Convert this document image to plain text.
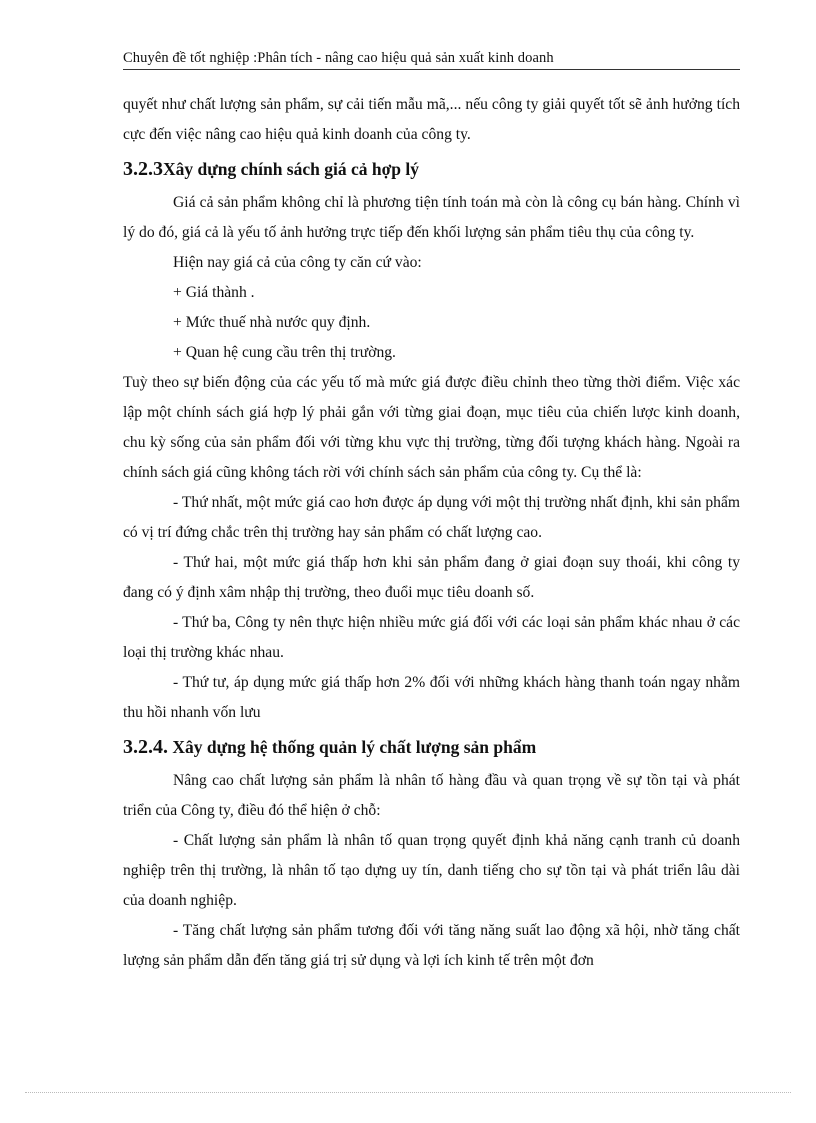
Chuyên đề tốt nghiệp :Phân tích - nâng cao hiệu quả sản xuất kinh doanh

quyết như chất lượng sản phẩm, sự cải tiến mẫu mã,... nếu công ty giải quyết tốt sẽ ảnh hưởng tích cực đến việc nâng cao hiệu quả kinh doanh của công ty.

3.2.3Xây dựng chính sách giá cả hợp lý

Giá cả sản phẩm không chỉ là phương tiện tính toán mà còn là công cụ bán hàng. Chính vì lý do đó, giá cả là yếu tố ảnh hưởng trực tiếp đến khối lượng sản phẩm tiêu thụ của công ty.

Hiện nay giá cả của công ty căn cứ vào:

+ Giá thành .

+ Mức thuế nhà nước quy định.

+ Quan hệ cung cầu trên thị trường.

Tuỳ theo sự biến động của các yếu tố mà mức giá được điều chỉnh theo từng thời điểm. Việc xác lập một chính sách giá hợp lý phải gắn với từng giai đoạn, mục tiêu của chiến lược kinh doanh, chu kỳ sống của sản phẩm đối với từng khu vực thị trường, từng đối tượng khách hàng. Ngoài ra chính sách giá cũng không tách rời với chính sách sản phẩm của công ty. Cụ thể là:

- Thứ nhất, một mức giá cao hơn được áp dụng với một thị trường nhất định, khi sản phẩm có vị trí đứng chắc trên thị trường hay sản phẩm có chất lượng cao.

- Thứ hai, một mức giá thấp hơn khi sản phẩm đang ở giai đoạn suy thoái, khi công ty đang có ý định xâm nhập thị trường, theo đuổi mục tiêu doanh số.

- Thứ ba, Công ty nên thực hiện nhiều mức giá đối với các loại sản phẩm khác nhau ở các loại thị trường khác nhau.

- Thứ tư, áp dụng mức giá thấp hơn 2% đối với những khách hàng thanh toán ngay nhằm thu hồi nhanh vốn lưu

3.2.4. Xây dựng hệ thống quản lý chất lượng sản phẩm

Nâng cao chất lượng sản phẩm là nhân tố hàng đầu và quan trọng về sự tồn tại và phát triển của Công ty, điều đó thể hiện ở chỗ:

- Chất lượng sản phẩm là nhân tố quan trọng quyết định khả năng cạnh tranh củ doanh nghiệp trên thị trường, là nhân tố tạo dựng uy tín, danh tiếng cho sự tồn tại và phát triển lâu dài của doanh nghiệp.

- Tăng chất lượng sản phẩm tương đối với tăng năng suất lao động xã hội, nhờ tăng chất lượng sản phẩm dẫn đến tăng giá trị sử dụng và lợi ích kinh tế trên một đơn
